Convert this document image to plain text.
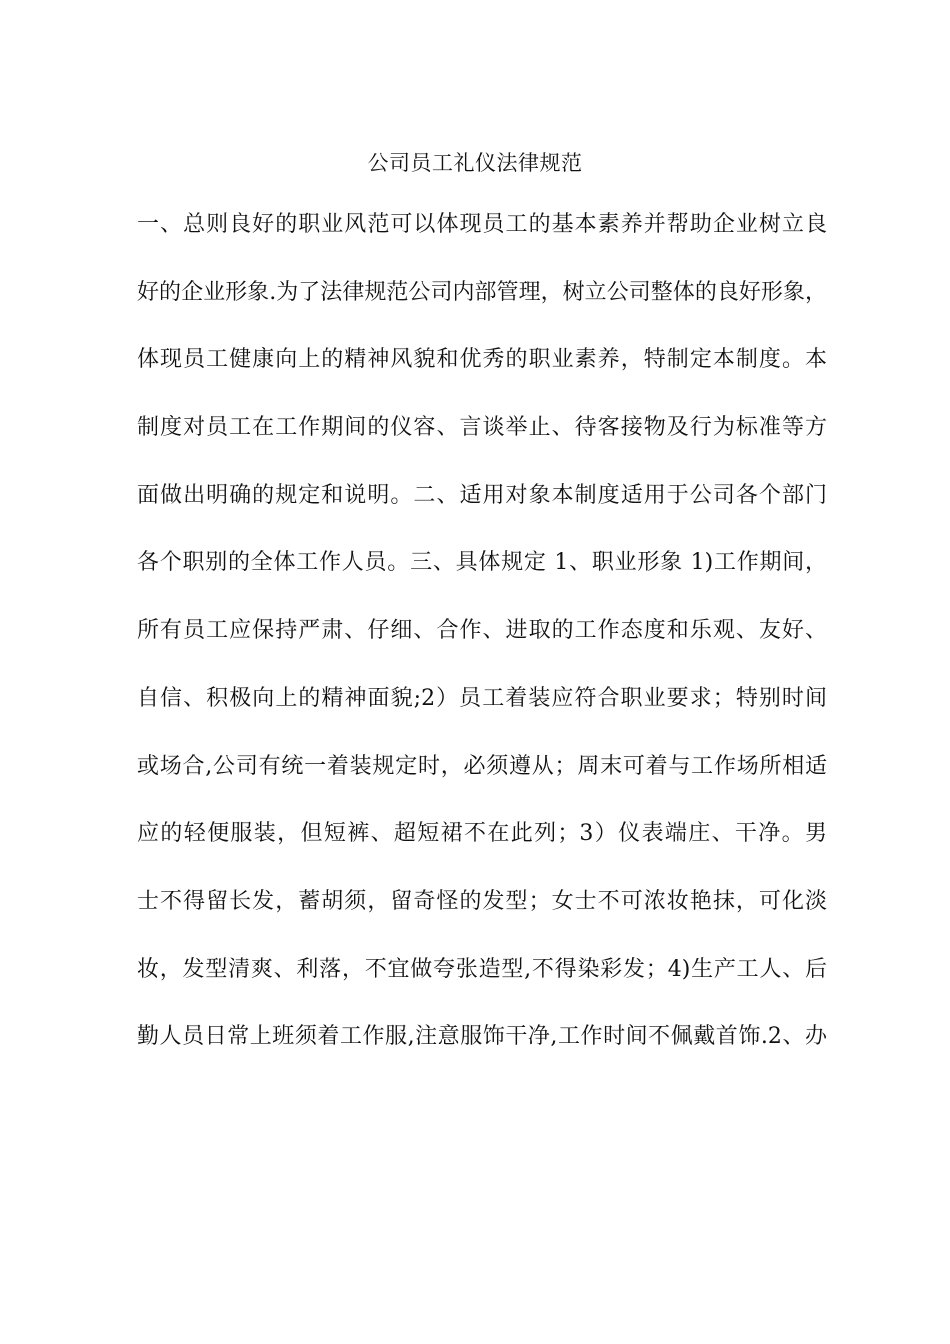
公司员工礼仪法律规范
一、总则良好的职业风范可以体现员工的基本素养并帮助企业树立良
好的企业形象.为了法律规范公司内部管理，树立公司整体的良好形象，
体现员工健康向上的精神风貌和优秀的职业素养，特制定本制度。本
制度对员工在工作期间的仪容、言谈举止、待客接物及行为标准等方
面做出明确的规定和说明。二、适用对象本制度适用于公司各个部门
各个职别的全体工作人员。三、具体规定 1、职业形象 1)工作期间，
所有员工应保持严肃、仔细、合作、进取的工作态度和乐观、友好、
自信、积极向上的精神面貌;2）员工着装应符合职业要求；特别时间
或场合,公司有统一着装规定时，必须遵从；周末可着与工作场所相适
应的轻便服装，但短裤、超短裙不在此列；3）仪表端庄、干净。男
士不得留长发，蓄胡须，留奇怪的发型；女士不可浓妆艳抹，可化淡
妆，发型清爽、利落，不宜做夸张造型,不得染彩发；4)生产工人、后
勤人员日常上班须着工作服,注意服饰干净,工作时间不佩戴首饰.2、办
